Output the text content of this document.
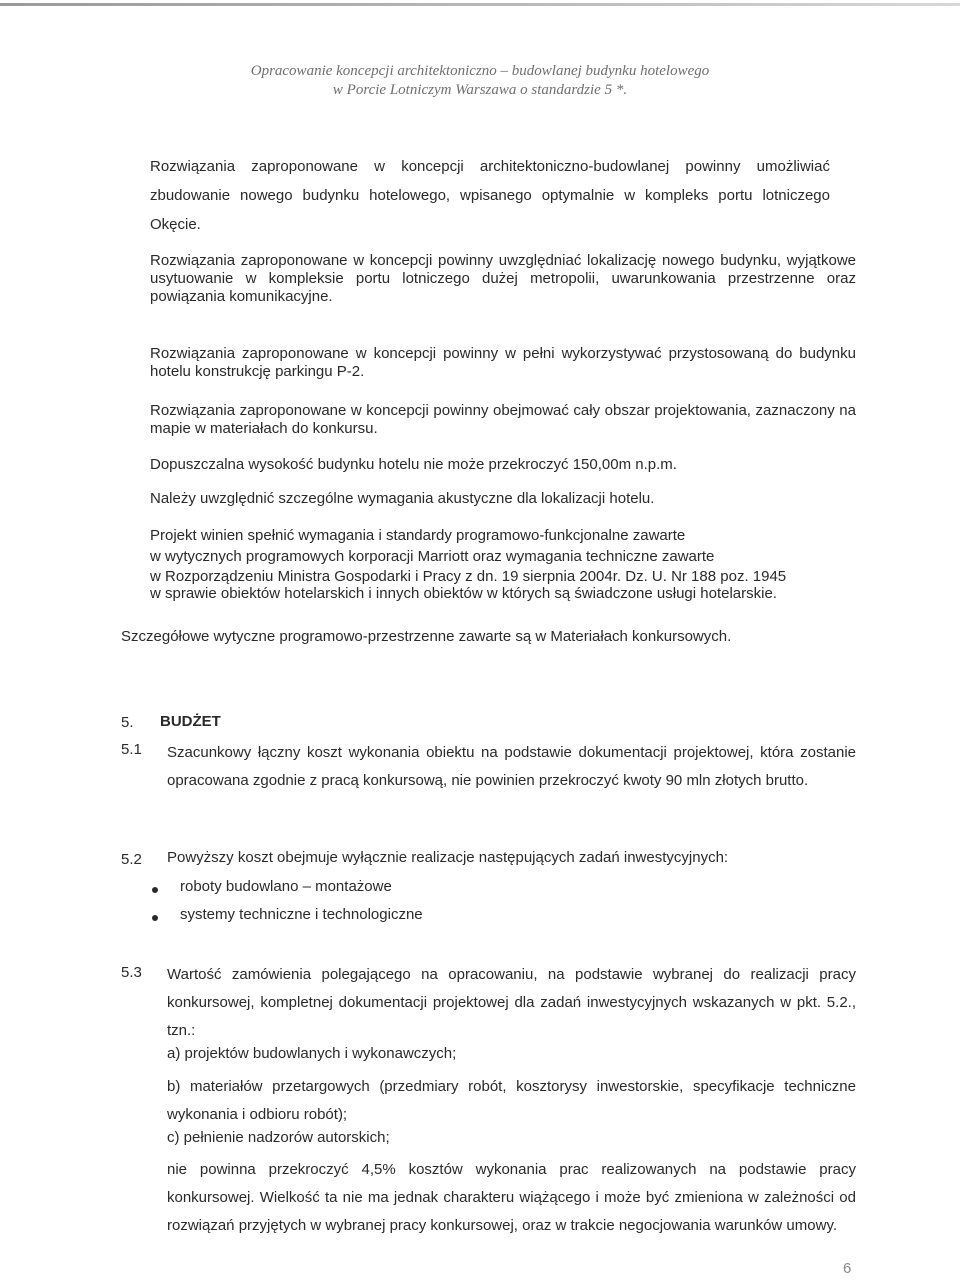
Opracowanie koncepcji architektoniczno – budowlanej budynku hotelowego
w Porcie Lotniczym Warszawa o standardzie 5 *.

Rozwiązania zaproponowane w koncepcji architektoniczno-budowlanej powinny umożliwiać zbudowanie nowego budynku hotelowego, wpisanego optymalnie w kompleks portu lotniczego Okęcie.

Rozwiązania zaproponowane w koncepcji powinny uwzględniać lokalizację nowego budynku, wyjątkowe usytuowanie w kompleksie portu lotniczego dużej metropolii, uwarunkowania przestrzenne oraz powiązania komunikacyjne.

Rozwiązania zaproponowane w koncepcji powinny w pełni wykorzystywać przystosowaną do budynku hotelu konstrukcję parkingu P-2.

Rozwiązania zaproponowane w koncepcji powinny obejmować cały obszar projektowania, zaznaczony na mapie w materiałach do konkursu.

Dopuszczalna wysokość budynku hotelu nie może przekroczyć 150,00m n.p.m.

Należy uwzględnić szczególne wymagania akustyczne dla lokalizacji hotelu.

Projekt winien spełnić wymagania i standardy programowo-funkcjonalne zawarte

w wytycznych programowych korporacji Marriott oraz wymagania techniczne zawarte

w Rozporządzeniu Ministra Gospodarki i Pracy z dn. 19 sierpnia 2004r. Dz. U. Nr 188 poz. 1945

w sprawie obiektów hotelarskich i innych obiektów w których są świadczone usługi hotelarskie.

Szczegółowe wytyczne programowo-przestrzenne zawarte są w Materiałach konkursowych.

5. BUDŻET
5.1 Szacunkowy łączny koszt wykonania obiektu na podstawie dokumentacji projektowej, która zostanie opracowana zgodnie z pracą konkursową, nie powinien przekroczyć kwoty 90 mln złotych brutto.

5.2 Powyższy koszt obejmuje wyłącznie realizacje następujących zadań inwestycyjnych:

roboty budowlano – montażowe
systemy techniczne i technologiczne
5.3 Wartość zamówienia polegającego na opracowaniu, na podstawie wybranej do realizacji pracy konkursowej, kompletnej dokumentacji projektowej dla zadań inwestycyjnych wskazanych w pkt. 5.2., tzn.:

a) projektów budowlanych i wykonawczych;

b) materiałów przetargowych (przedmiary robót, kosztorysy inwestorskie, specyfikacje techniczne wykonania i odbioru robót);

c) pełnienie nadzorów autorskich;

nie powinna przekroczyć 4,5% kosztów wykonania prac realizowanych na podstawie pracy konkursowej. Wielkość ta nie ma jednak charakteru wiążącego i może być zmieniona w zależności od rozwiązań przyjętych w wybranej pracy konkursowej, oraz w trakcie negocjowania warunków umowy.

6
